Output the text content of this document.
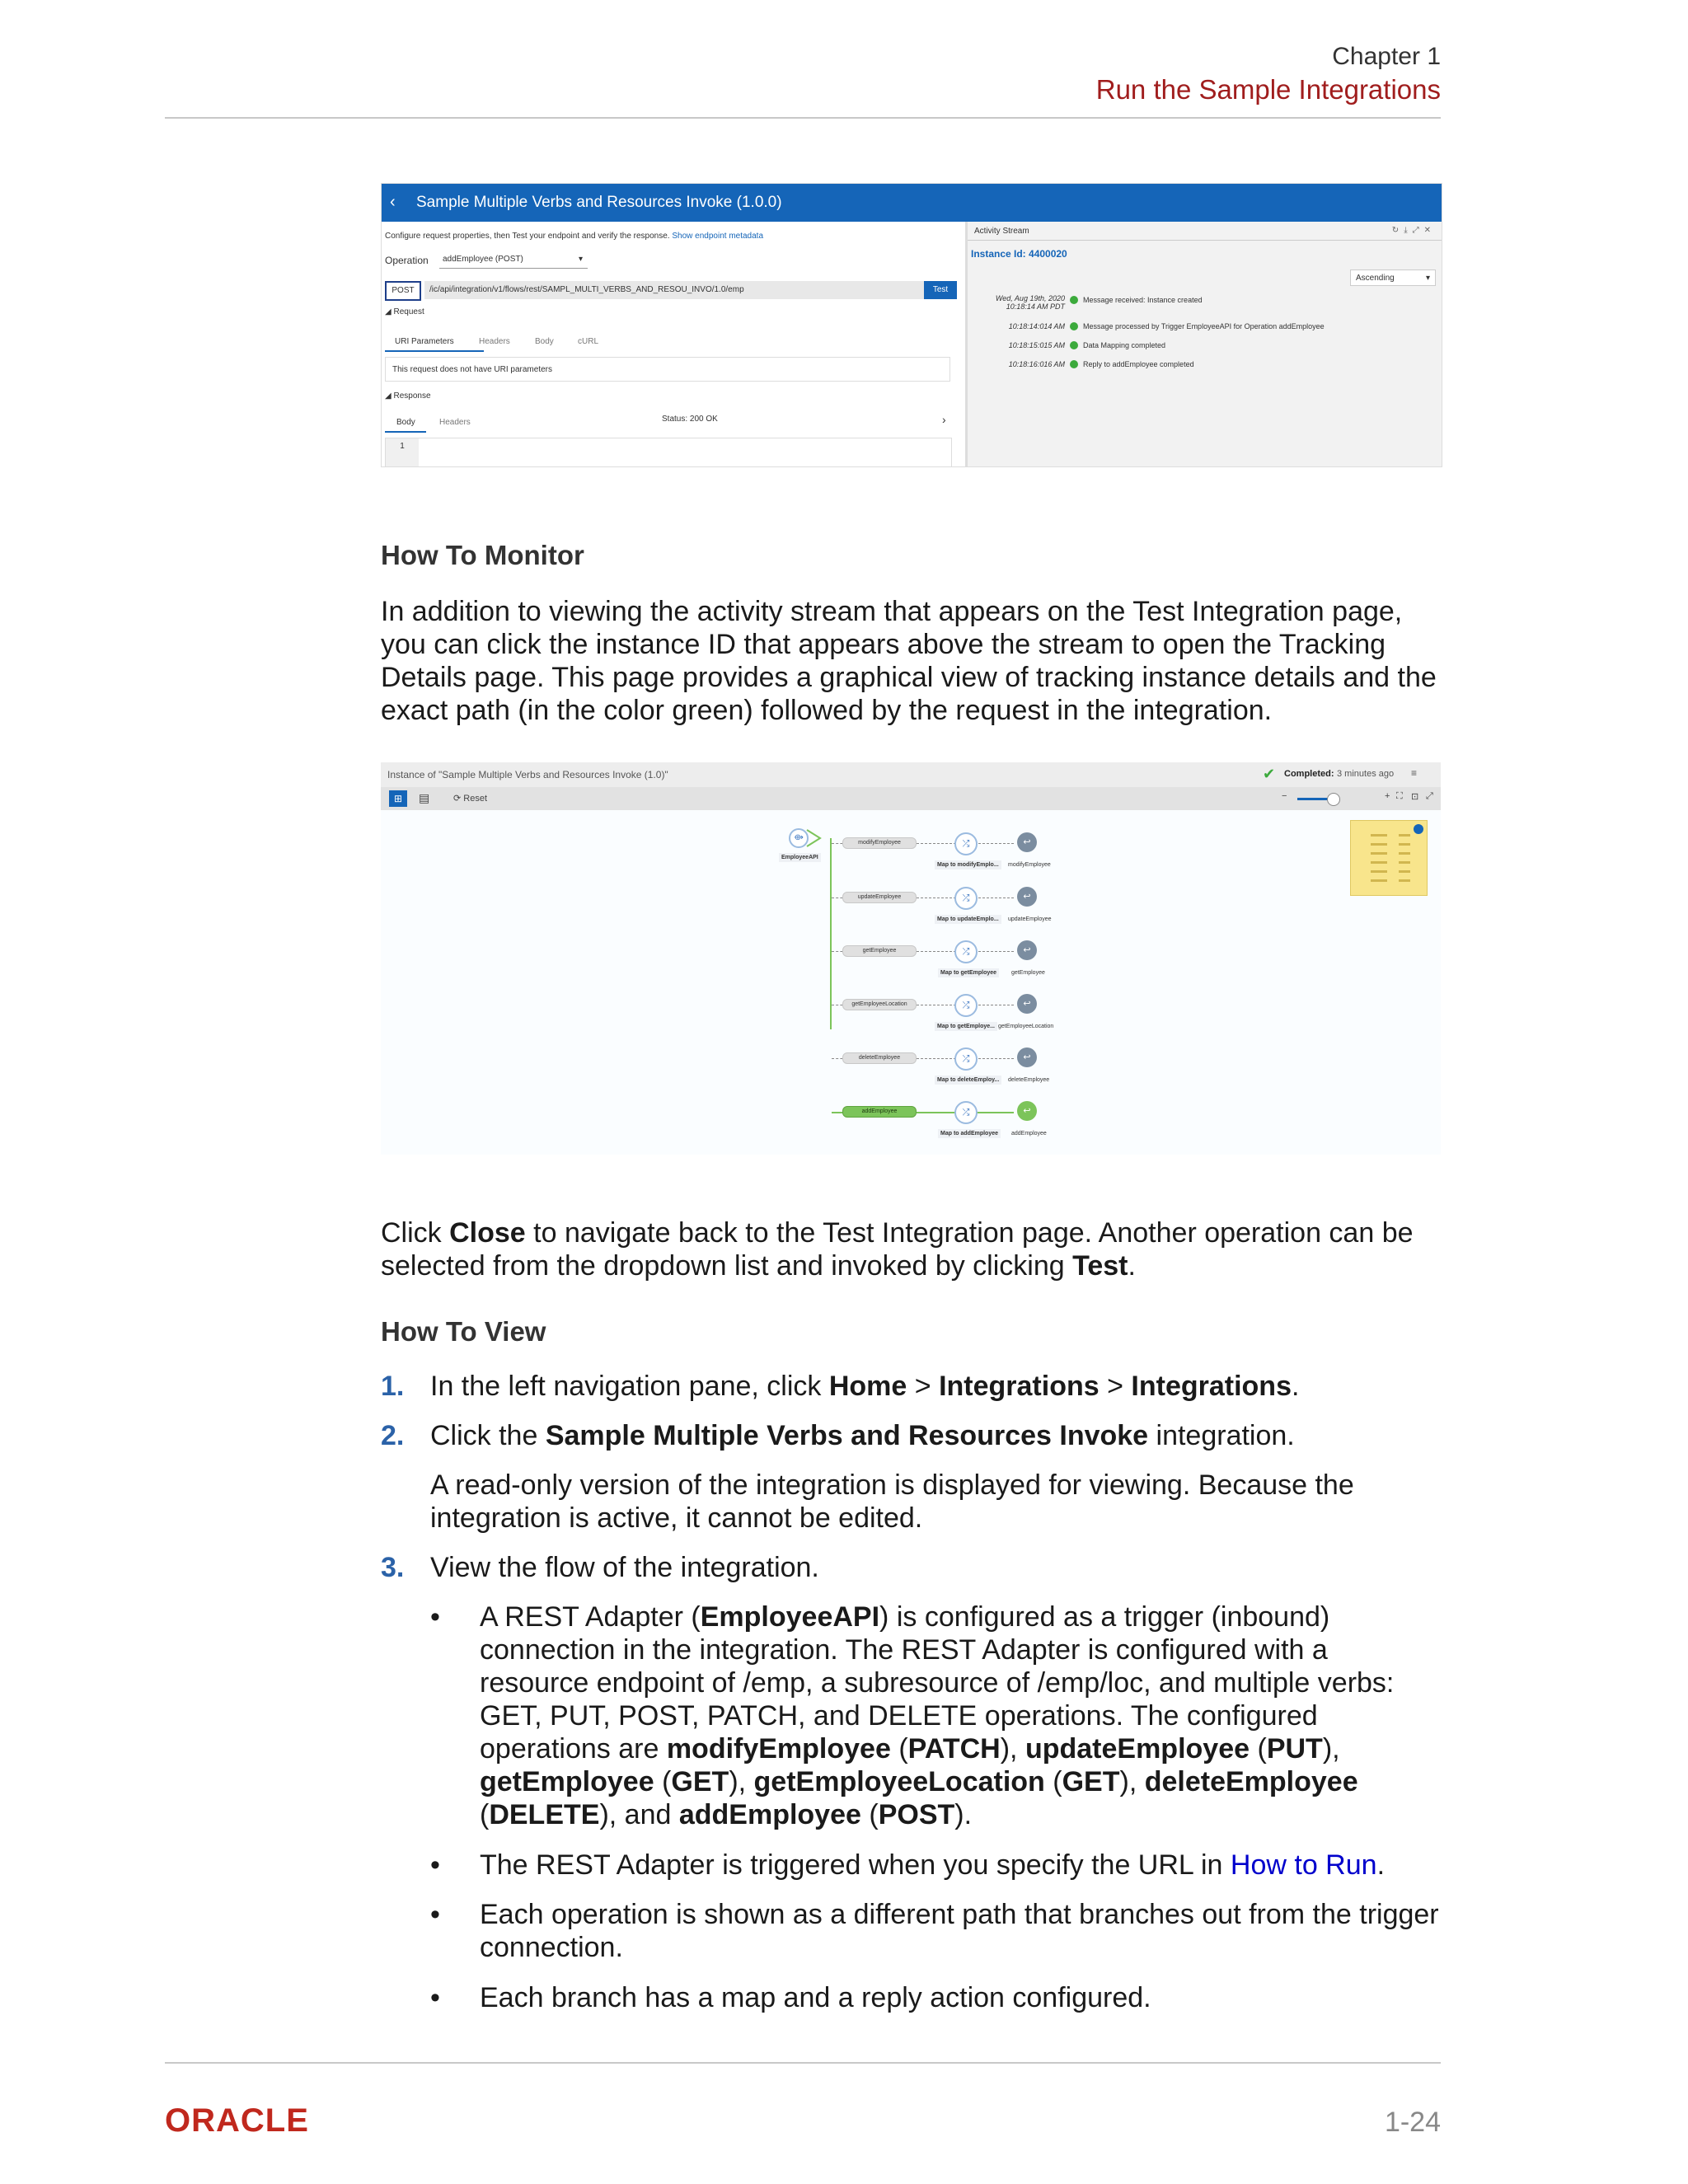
Chapter 1
Run the Sample Integrations
‹ Sample Multiple Verbs and Resources Invoke (1.0.0)
Configure request properties, then Test your endpoint and verify the response. Show endpoint metadata
Operation	addEmployee (POST)	▾
POST	/ic/api/integration/v1/flows/rest/SAMPL_MULTI_VERBS_AND_RESOU_INVO/1.0/emp	Test
◢ Request
URI Parameters	Headers	Body	cURL
This request does not have URI parameters
◢ Response
Body	Headers	Status: 200 OK	›
1
Activity Stream	↻⤓⤢✕
Instance Id: 4400020
Ascending	▾
Wed, Aug 19th, 2020 10:18:14 AM PDT
Message received: Instance created
10:18:14:014 AM Message processed by Trigger EmployeeAPI for Operation addEmployee
10:18:15:015 AM Data Mapping completed
10:18:16:016 AM Reply to addEmployee completed
How To Monitor
In addition to viewing the activity stream that appears on the Test Integration page, you can click the instance ID that appears above the stream to open the Tracking Details page. This page provides a graphical view of tracking instance details and the exact path (in the color green) followed by the request in the integration.
Instance of "Sample Multiple Verbs and Resources Invoke (1.0)"	✔ Completed: 3 minutes ago ≡
⊞	▤	⟳ Reset	−	+ ⛶ ⊡ ⤢
⟴
EmployeeAPI
modifyEmployee	⤮	↩
Map to modifyEmplo...	modifyEmployee
updateEmployee	⤮	↩
Map to updateEmplo...	updateEmployee
getEmployee	⤮	↩
Map to getEmployee	getEmployee
getEmployeeLocation	⤮	↩
Map to getEmploye... getEmployeeLocation
deleteEmployee	⤮	↩
Map to deleteEmploy...	deleteEmployee
addEmployee	⤮	↩
Map to addEmployee	addEmployee
Click Close to navigate back to the Test Integration page. Another operation can be selected from the dropdown list and invoked by clicking Test.
How To View
1. In the left navigation pane, click Home > Integrations > Integrations.
2. Click the Sample Multiple Verbs and Resources Invoke integration.
A read-only version of the integration is displayed for viewing. Because the integration is active, it cannot be edited.
3. View the flow of the integration.
• A REST Adapter (EmployeeAPI) is configured as a trigger (inbound) connection in the integration. The REST Adapter is configured with a resource endpoint of /emp, a subresource of /emp/loc, and multiple verbs: GET, PUT, POST, PATCH, and DELETE operations. The configured operations are modifyEmployee (PATCH), updateEmployee (PUT), getEmployee (GET), getEmployeeLocation (GET), deleteEmployee (DELETE), and addEmployee (POST).
• The REST Adapter is triggered when you specify the URL in How to Run.
• Each operation is shown as a different path that branches out from the trigger connection.
• Each branch has a map and a reply action configured.
ORACLE	1-24
